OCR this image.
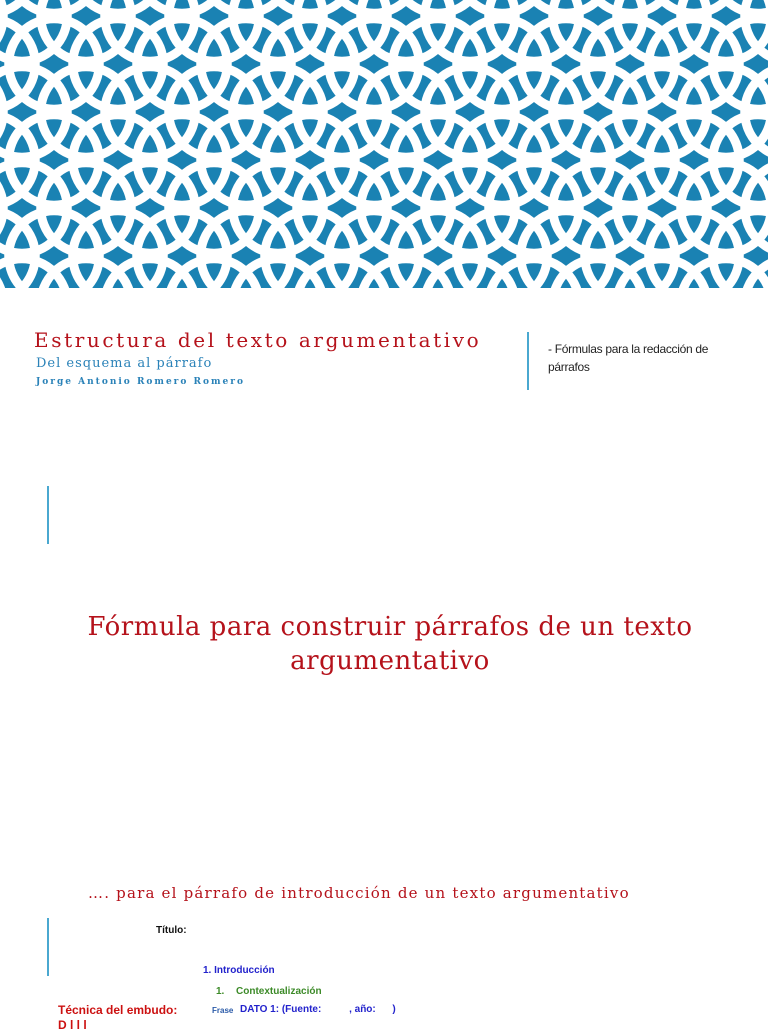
Estructura del texto argumentativo
Del esquema al párrafo
Jorge Antonio Romero Romero
- Fórmulas para la redacción de párrafos
Fórmula para construir párrafos de un texto argumentativo
…. para el párrafo de introducción de un texto argumentativo
Título:
1. Introducción
1. Contextualización
Técnica del embudo:
D l l l
Frase DATO 1: (Fuente:          , año:      )
